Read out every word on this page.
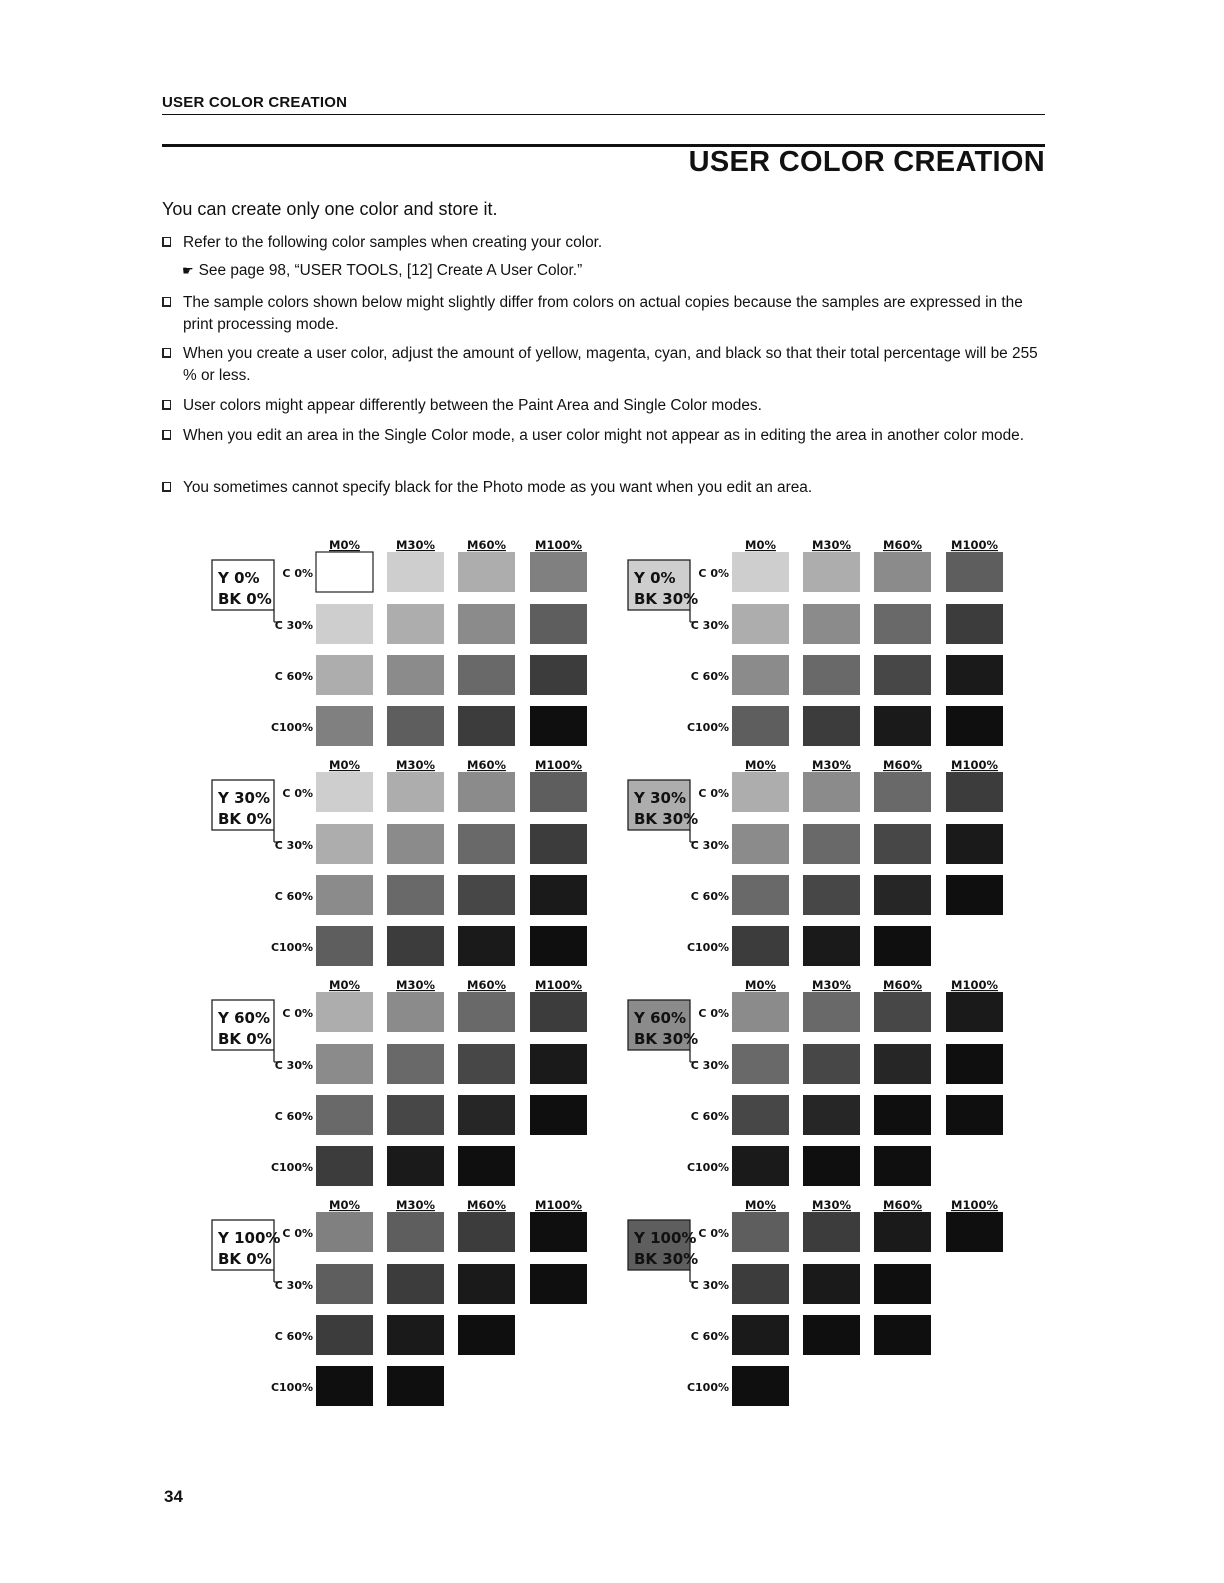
USER COLOR CREATION
USER COLOR CREATION
You can create only one color and store it.
Refer to the following color samples when creating your color.
☛ See page 98, “USER TOOLS, [12] Create A User Color.”
The sample colors shown below might slightly differ from colors on actual copies because the samples are expressed in the print processing mode.
When you create a user color, adjust the amount of yellow, magenta, cyan, and black so that their total percentage will be 255 % or less.
User colors might appear differently between the Paint Area and Single Color modes.
When you edit an area in the Single Color mode, a user color might not appear as in editing the area in another color mode.
You sometimes cannot specify black for the Photo mode as you want when you edit an area.
M0%	M30%	M60%	M100%
Y 0%
BK 0%
C 0%
C 30%
C 60%
C100%
M0%	M30%	M60%	M100%
Y 0%
BK 30%
C 0%
C 30%
C 60%
C100%
M0%	M30%	M60%	M100%
Y 30%
BK 0%
C 0%
C 30%
C 60%
C100%
M0%	M30%	M60%	M100%
Y 30%
BK 30%
C 0%
C 30%
C 60%
C100%
M0%	M30%	M60%	M100%
Y 60%
BK 0%
C 0%
C 30%
C 60%
C100%
M0%	M30%	M60%	M100%
Y 60%
BK 30%
C 0%
C 30%
C 60%
C100%
M0%	M30%	M60%	M100%
Y 100%
BK 0%
C 0%
C 30%
C 60%
C100%
M0%	M30%	M60%	M100%
Y 100%
BK 30%
C 0%
C 30%
C 60%
C100%
34
